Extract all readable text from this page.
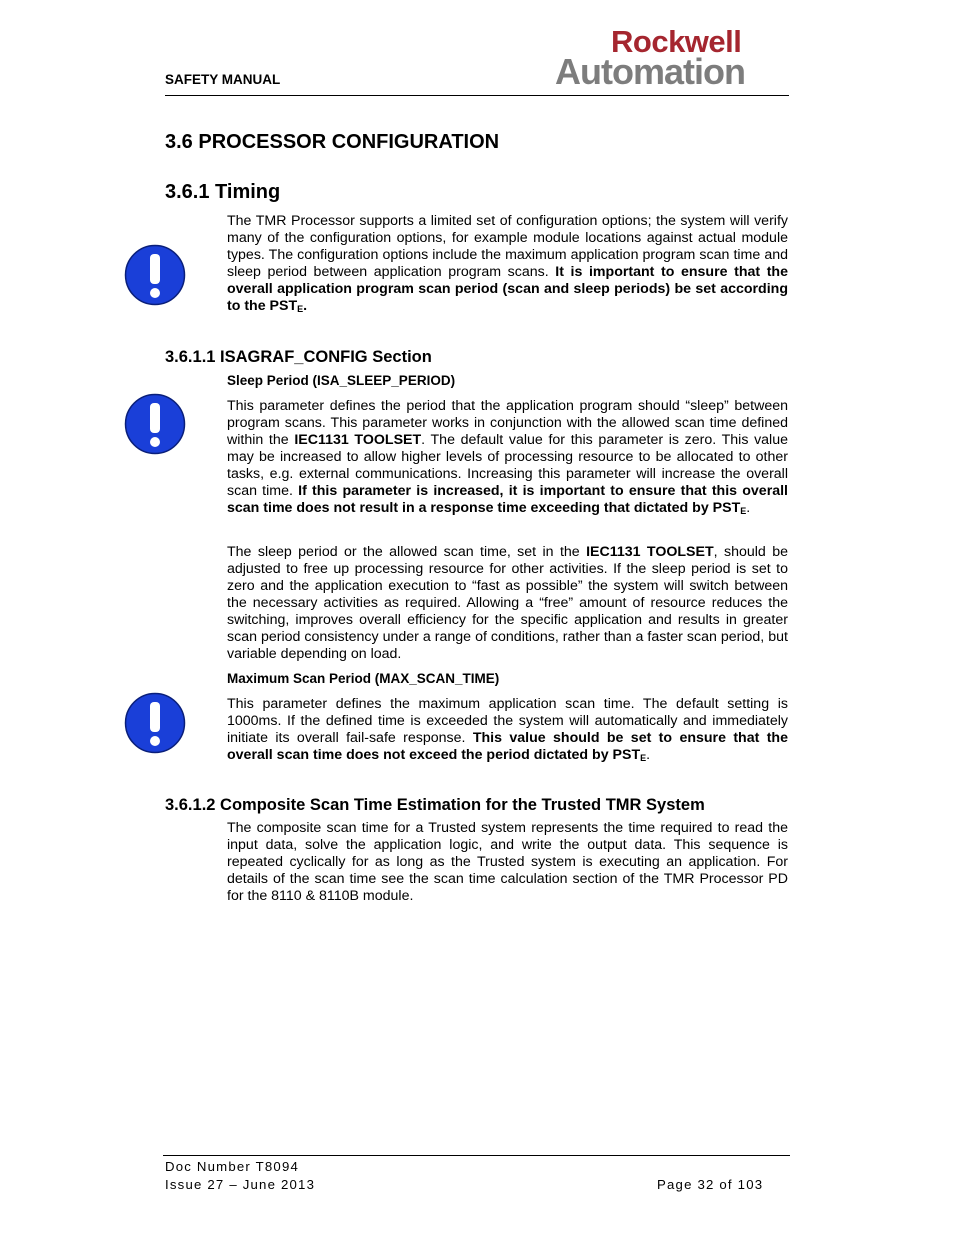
SAFETY MANUAL
Rockwell
Automation
3.6 PROCESSOR CONFIGURATION
3.6.1 Timing
The TMR Processor supports a limited set of configuration options; the system will verify many of the configuration options, for example module locations against actual module types. The configuration options include the maximum application program scan time and sleep period between application program scans. It is important to ensure that the overall application program scan period (scan and sleep periods) be set according to the $PST_E$.
3.6.1.1 ISAGRAF_CONFIG Section
Sleep Period (ISA_SLEEP_PERIOD)
This parameter defines the period that the application program should “sleep” between program scans. This parameter works in conjunction with the allowed scan time defined within the IEC1131 TOOLSET. The default value for this parameter is zero. This value may be increased to allow higher levels of processing resource to be allocated to other tasks, e.g. external communications. Increasing this parameter will increase the overall scan time. If this parameter is increased, it is important to ensure that this overall scan time does not result in a response time exceeding that dictated by $PST_E$.
The sleep period or the allowed scan time, set in the IEC1131 TOOLSET, should be adjusted to free up processing resource for other activities. If the sleep period is set to zero and the application execution to “fast as possible” the system will switch between the necessary activities as required. Allowing a “free” amount of resource reduces the switching, improves overall efficiency for the specific application and results in greater scan period consistency under a range of conditions, rather than a faster scan period, but variable depending on load.
Maximum Scan Period (MAX_SCAN_TIME)
This parameter defines the maximum application scan time. The default setting is 1000ms. If the defined time is exceeded the system will automatically and immediately initiate its overall fail-safe response. This value should be set to ensure that the overall scan time does not exceed the period dictated by $PST_E$.
3.6.1.2 Composite Scan Time Estimation for the Trusted TMR System
The composite scan time for a Trusted system represents the time required to read the input data, solve the application logic, and write the output data. This sequence is repeated cyclically for as long as the Trusted system is executing an application. For details of the scan time see the scan time calculation section of the TMR Processor PD for the 8110 & 8110B module.
Doc Number T8094
Issue 27 – June 2013	Page 32 of 103
